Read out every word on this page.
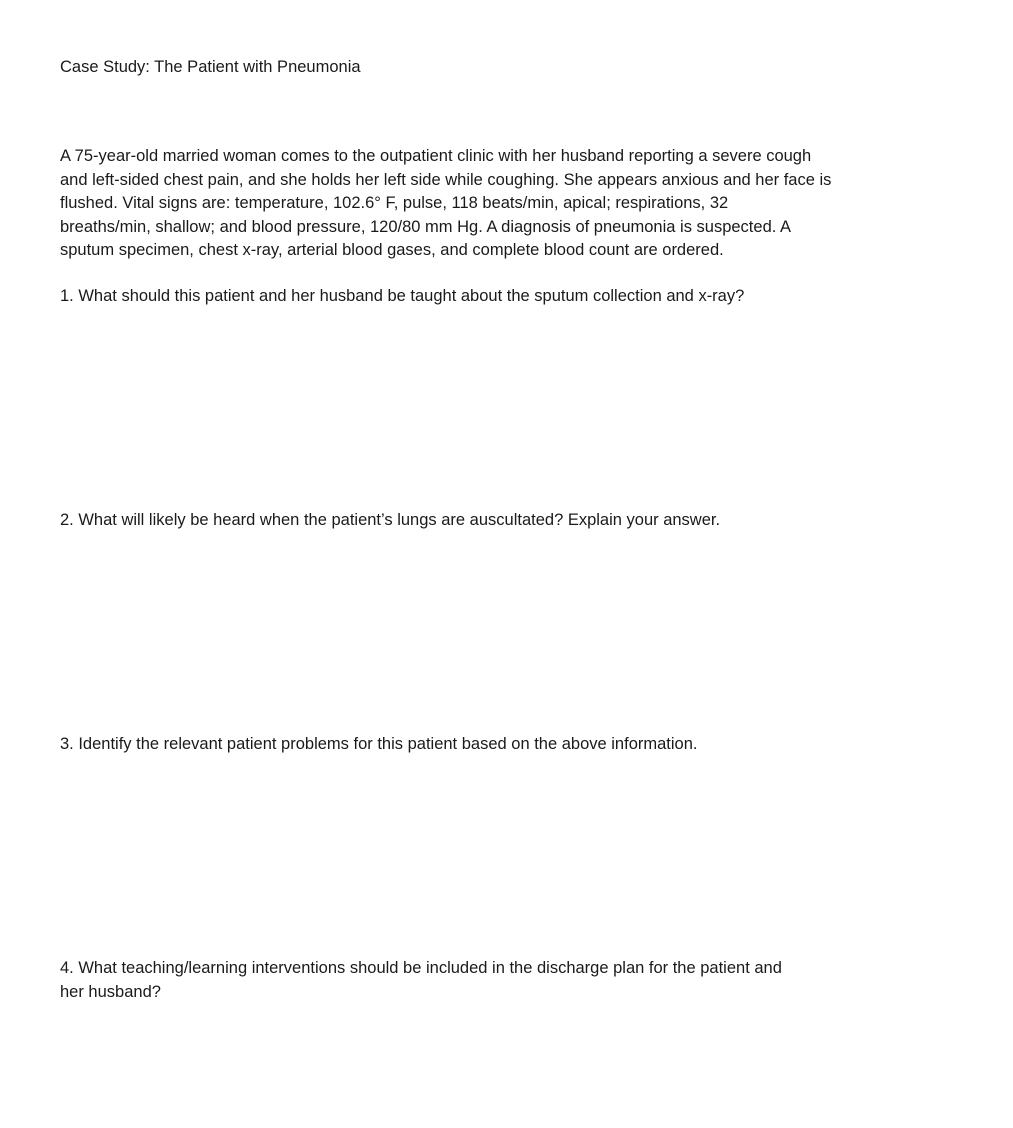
Case Study: The Patient with Pneumonia

A 75-year-old married woman comes to the outpatient clinic with her husband reporting a severe cough
and left-sided chest pain, and she holds her left side while coughing. She appears anxious and her face is
flushed. Vital signs are: temperature, 102.6° F, pulse, 118 beats/min, apical; respirations, 32
breaths/min, shallow; and blood pressure, 120/80 mm Hg. A diagnosis of pneumonia is suspected. A
sputum specimen, chest x-ray, arterial blood gases, and complete blood count are ordered.

1. What should this patient and her husband be taught about the sputum collection and x-ray?

2. What will likely be heard when the patient’s lungs are auscultated? Explain your answer.

3. Identify the relevant patient problems for this patient based on the above information.

4. What teaching/learning interventions should be included in the discharge plan for the patient and
her husband?
